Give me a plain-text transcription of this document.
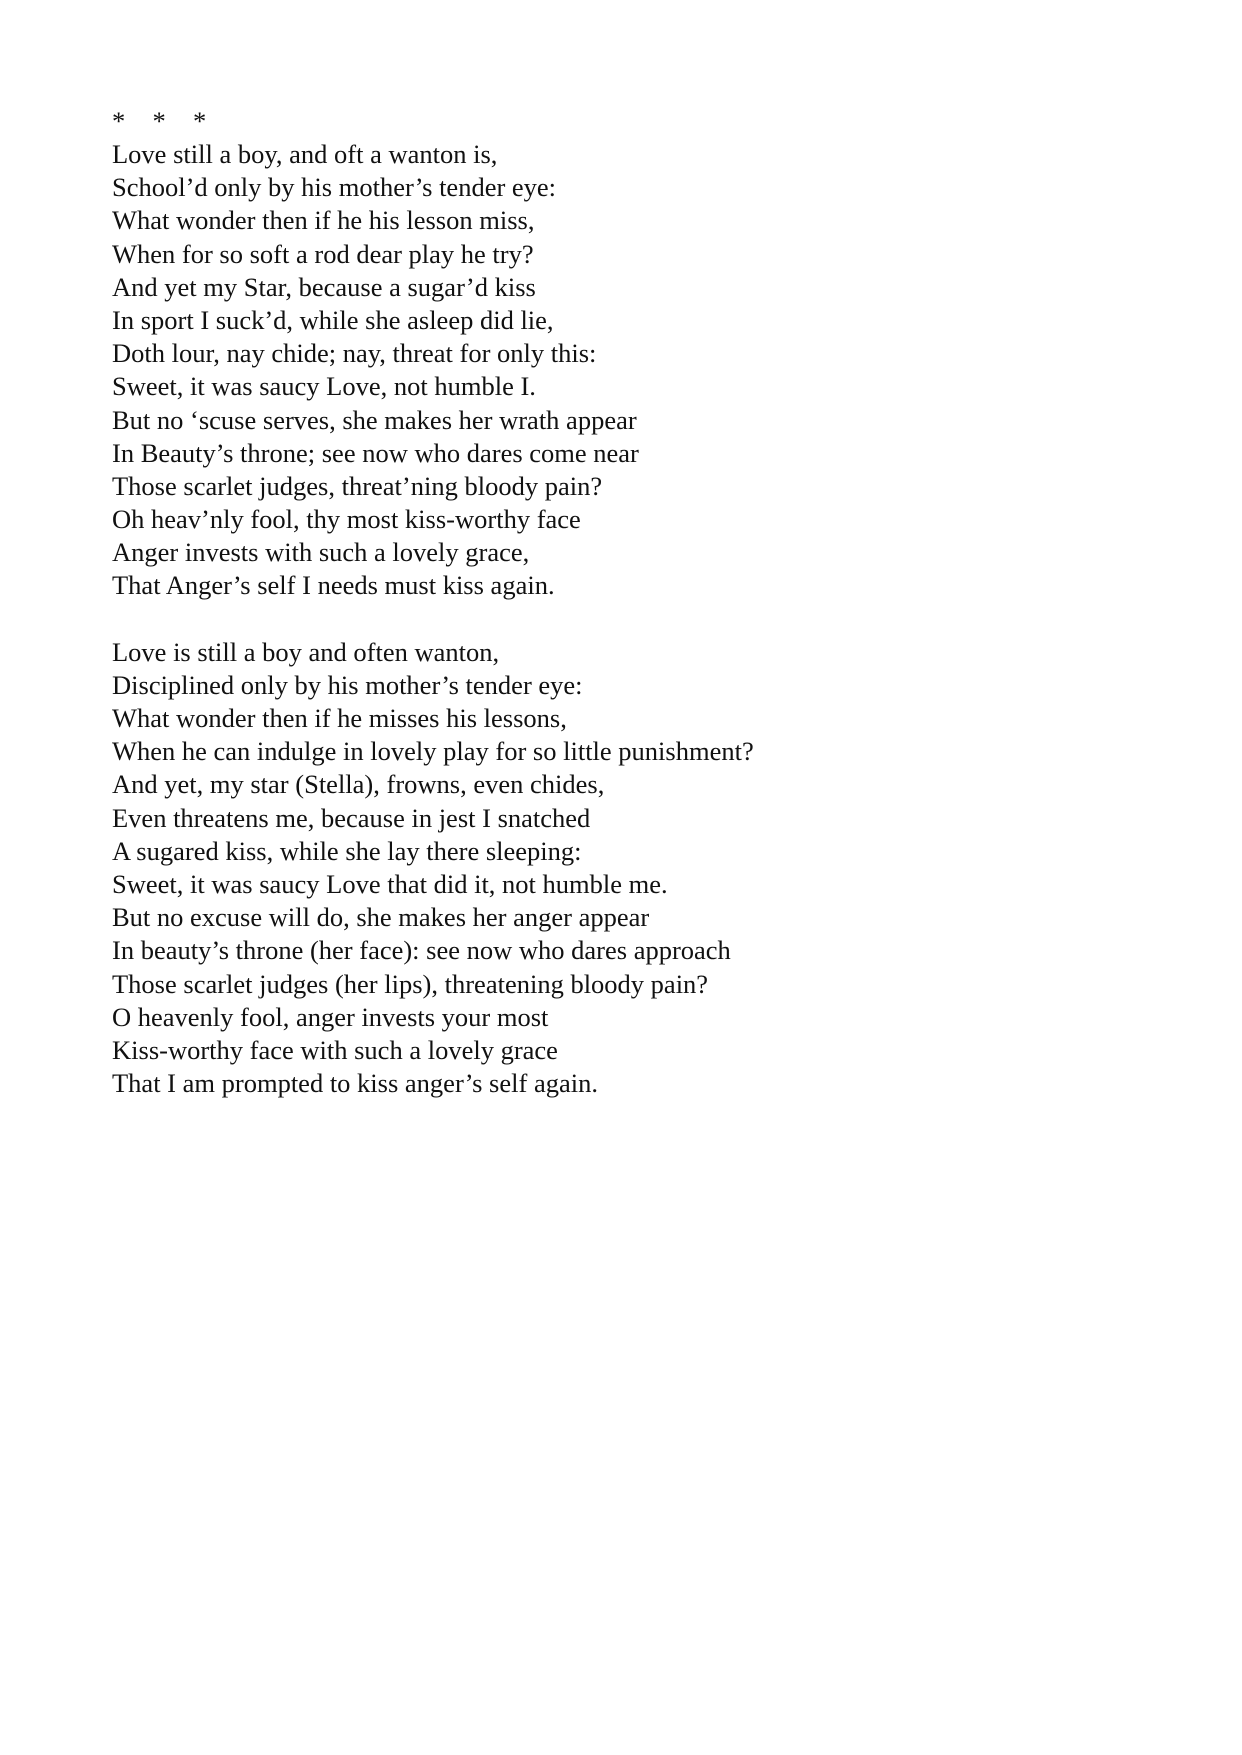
*  *  *
Love still a boy, and oft a wanton is,
School’d only by his mother’s tender eye:
What wonder then if he his lesson miss,
When for so soft a rod dear play he try?
And yet my Star, because a sugar’d kiss
In sport I suck’d, while she asleep did lie,
Doth lour, nay chide; nay, threat for only this:
Sweet, it was saucy Love, not humble I.
But no ‘scuse serves, she makes her wrath appear
In Beauty’s throne; see now who dares come near
Those scarlet judges, threat’ning bloody pain?
Oh heav’nly fool, thy most kiss-worthy face
Anger invests with such a lovely grace,
That Anger’s self I needs must kiss again.
Love is still a boy and often wanton,
Disciplined only by his mother’s tender eye:
What wonder then if he misses his lessons,
When he can indulge in lovely play for so little punishment?
And yet, my star (Stella), frowns, even chides,
Even threatens me, because in jest I snatched
A sugared kiss, while she lay there sleeping:
Sweet, it was saucy Love that did it, not humble me.
But no excuse will do, she makes her anger appear
In beauty’s throne (her face): see now who dares approach
Those scarlet judges (her lips), threatening bloody pain?
O heavenly fool, anger invests your most
Kiss-worthy face with such a lovely grace
That I am prompted to kiss anger’s self again.
